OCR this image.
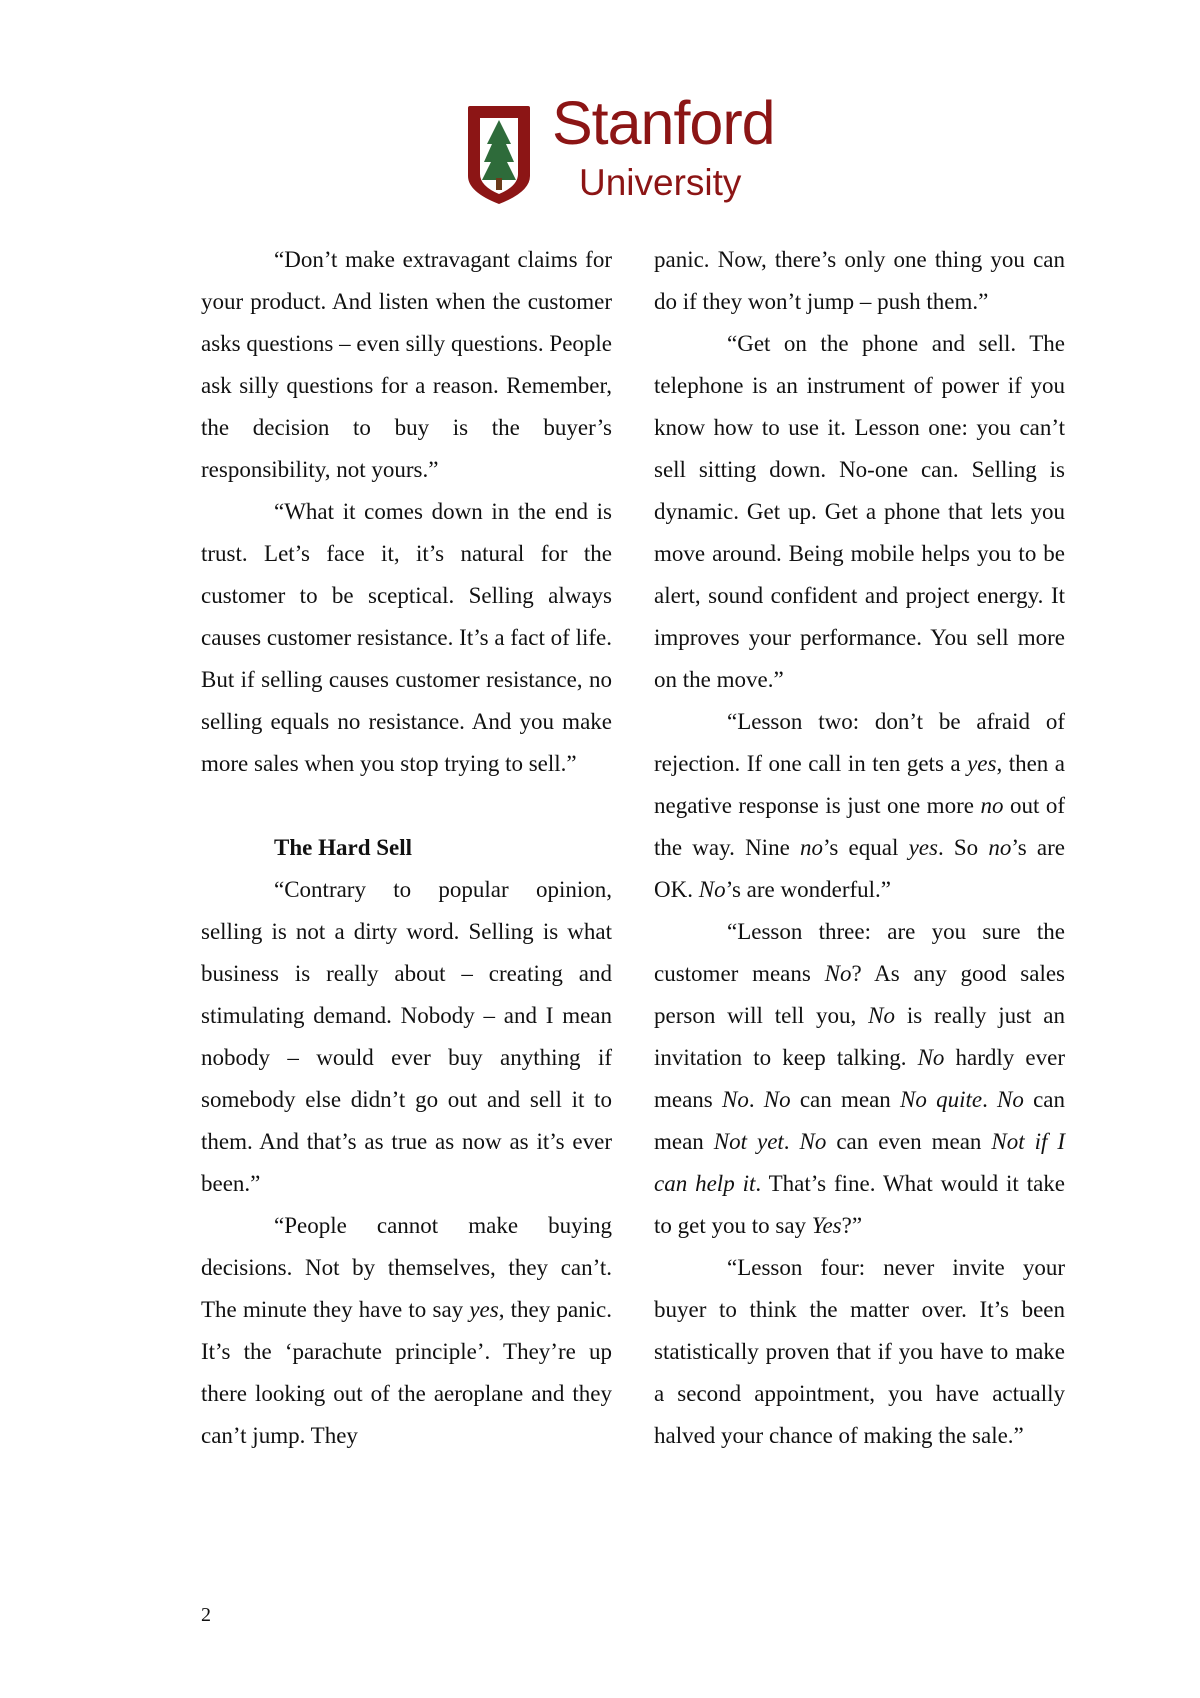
Stanford
University

“Don’t make extravagant claims for your product. And listen when the customer asks questions – even silly questions. People ask silly questions for a reason. Remember, the decision to buy is the buyer’s responsibility, not yours.”

“What it comes down in the end is trust. Let’s face it, it’s natural for the customer to be sceptical. Selling always causes customer resistance. It’s a fact of life. But if selling causes customer resistance, no selling equals no resistance. And you make more sales when you stop trying to sell.”

The Hard Sell

“Contrary to popular opinion, selling is not a dirty word. Selling is what business is really about – creating and stimulating demand. Nobody – and I mean nobody – would ever buy anything if somebody else didn’t go out and sell it to them. And that’s as true as now as it’s ever been.”

“People cannot make buying decisions. Not by themselves, they can’t. The minute they have to say yes, they panic. It’s the ‘parachute principle’. They’re up there looking out of the aeroplane and they can’t jump. They

panic. Now, there’s only one thing you can do if they won’t jump – push them.”

“Get on the phone and sell. The telephone is an instrument of power if you know how to use it. Lesson one: you can’t sell sitting down. No-one can. Selling is dynamic. Get up. Get a phone that lets you move around. Being mobile helps you to be alert, sound confident and project energy. It improves your performance. You sell more on the move.”

“Lesson two: don’t be afraid of rejection. If one call in ten gets a yes, then a negative response is just one more no out of the way. Nine no’s equal yes. So no’s are OK. No’s are wonderful.”

“Lesson three: are you sure the customer means No? As any good sales person will tell you, No is really just an invitation to keep talking. No hardly ever means No. No can mean No quite. No can mean Not yet. No can even mean Not if I can help it. That’s fine. What would it take to get you to say Yes?”

“Lesson four: never invite your buyer to think the matter over. It’s been statistically proven that if you have to make a second appointment, you have actually halved your chance of making the sale.”

2
